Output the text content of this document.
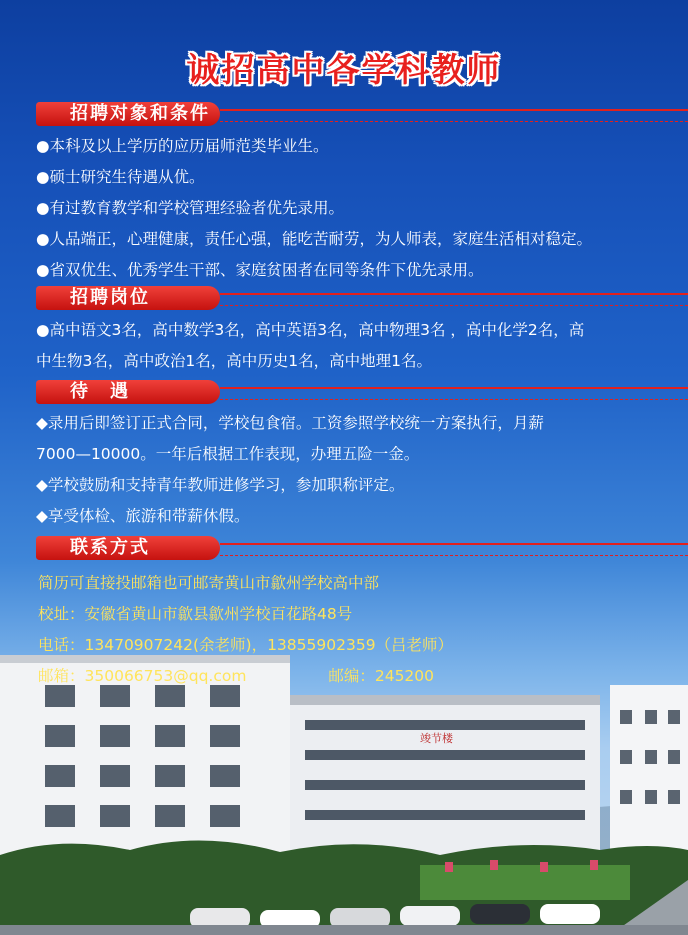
竣节楼
诚招高中各学科教师
招聘对象和条件

●本科及以上学历的应历届师范类毕业生。

●硕士研究生待遇从优。

●有过教育教学和学校管理经验者优先录用。

●人品端正，心理健康，责任心强，能吃苦耐劳，为人师表，家庭生活相对稳定。

●省双优生、优秀学生干部、家庭贫困者在同等条件下优先录用。

招聘岗位

●高中语文3名，高中数学3名，高中英语3名，高中物理3名 ，高中化学2名，高

中生物3名，高中政治1名，高中历史1名，高中地理1名。

待　遇

◆录用后即签订正式合同，学校包食宿。工资参照学校统一方案执行，月薪

7000—10000。一年后根据工作表现，办理五险一金。

◆学校鼓励和支持青年教师进修学习，参加职称评定。

◆享受体检、旅游和带薪休假。

联系方式

简历可直接投邮箱也可邮寄黄山市歙州学校高中部

校址：安徽省黄山市歙县歙州学校百花路48号

电话：13470907242(余老师)，13855902359（吕老师）

邮箱：350066753@qq.com	邮编：245200
